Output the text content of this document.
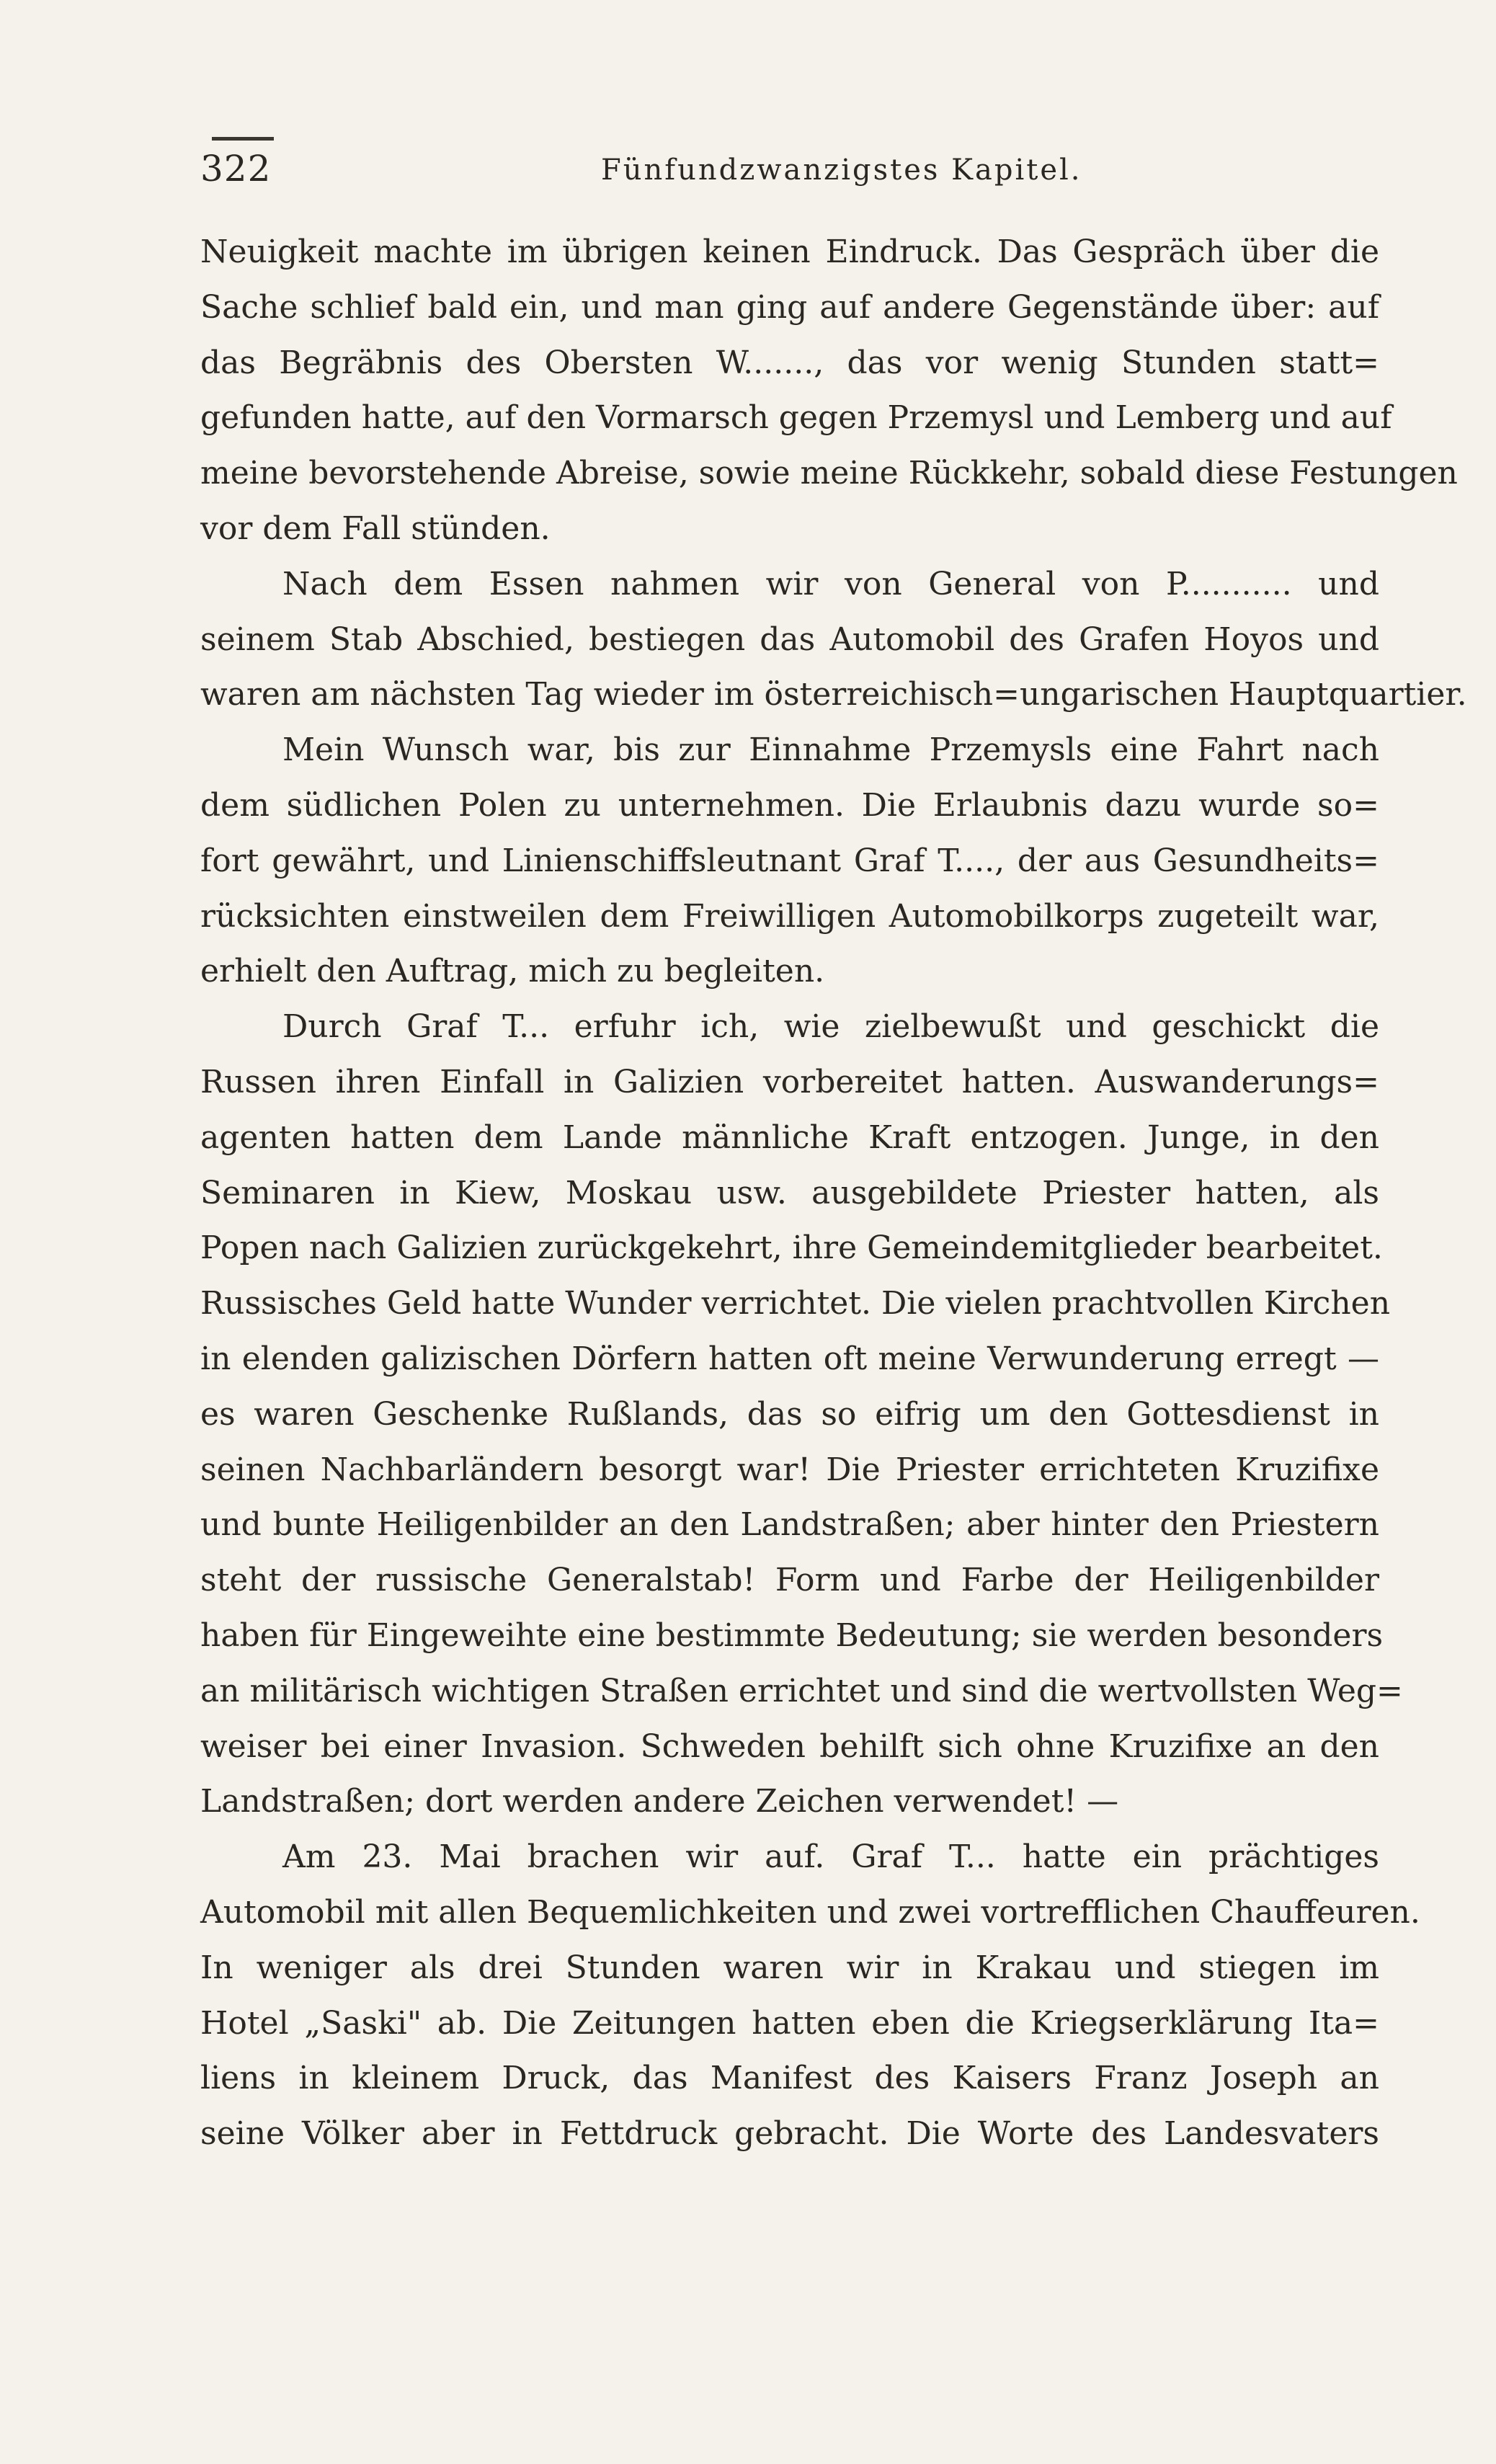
322	Fünfundzwanzigstes Kapitel.
Neuigkeit machte im übrigen keinen Eindruck. Das Gespräch über die
Sache schlief bald ein, und man ging auf andere Gegenstände über: auf
das Begräbnis des Obersten W......., das vor wenig Stunden statt=
gefunden hatte, auf den Vormarsch gegen Przemysl und Lemberg und auf
meine bevorstehende Abreise, sowie meine Rückkehr, sobald diese Festungen
vor dem Fall stünden.
Nach dem Essen nahmen wir von General von P........... und
seinem Stab Abschied, bestiegen das Automobil des Grafen Hoyos und
waren am nächsten Tag wieder im österreichisch=ungarischen Hauptquartier.
Mein Wunsch war, bis zur Einnahme Przemysls eine Fahrt nach
dem südlichen Polen zu unternehmen. Die Erlaubnis dazu wurde so=
fort gewährt, und Linienschiffsleutnant Graf T...., der aus Gesundheits=
rücksichten einstweilen dem Freiwilligen Automobilkorps zugeteilt war,
erhielt den Auftrag, mich zu begleiten.
Durch Graf T... erfuhr ich, wie zielbewußt und geschickt die
Russen ihren Einfall in Galizien vorbereitet hatten. Auswanderungs=
agenten hatten dem Lande männliche Kraft entzogen. Junge, in den
Seminaren in Kiew, Moskau usw. ausgebildete Priester hatten, als
Popen nach Galizien zurückgekehrt, ihre Gemeindemitglieder bearbeitet.
Russisches Geld hatte Wunder verrichtet. Die vielen prachtvollen Kirchen
in elenden galizischen Dörfern hatten oft meine Verwunderung erregt —
es waren Geschenke Rußlands, das so eifrig um den Gottesdienst in
seinen Nachbarländern besorgt war! Die Priester errichteten Kruzifixe
und bunte Heiligenbilder an den Landstraßen; aber hinter den Priestern
steht der russische Generalstab! Form und Farbe der Heiligenbilder
haben für Eingeweihte eine bestimmte Bedeutung; sie werden besonders
an militärisch wichtigen Straßen errichtet und sind die wertvollsten Weg=
weiser bei einer Invasion. Schweden behilft sich ohne Kruzifixe an den
Landstraßen; dort werden andere Zeichen verwendet! —
Am 23. Mai brachen wir auf. Graf T... hatte ein prächtiges
Automobil mit allen Bequemlichkeiten und zwei vortrefflichen Chauffeuren.
In weniger als drei Stunden waren wir in Krakau und stiegen im
Hotel „Saski" ab. Die Zeitungen hatten eben die Kriegserklärung Ita=
liens in kleinem Druck, das Manifest des Kaisers Franz Joseph an
seine Völker aber in Fettdruck gebracht. Die Worte des Landesvaters
